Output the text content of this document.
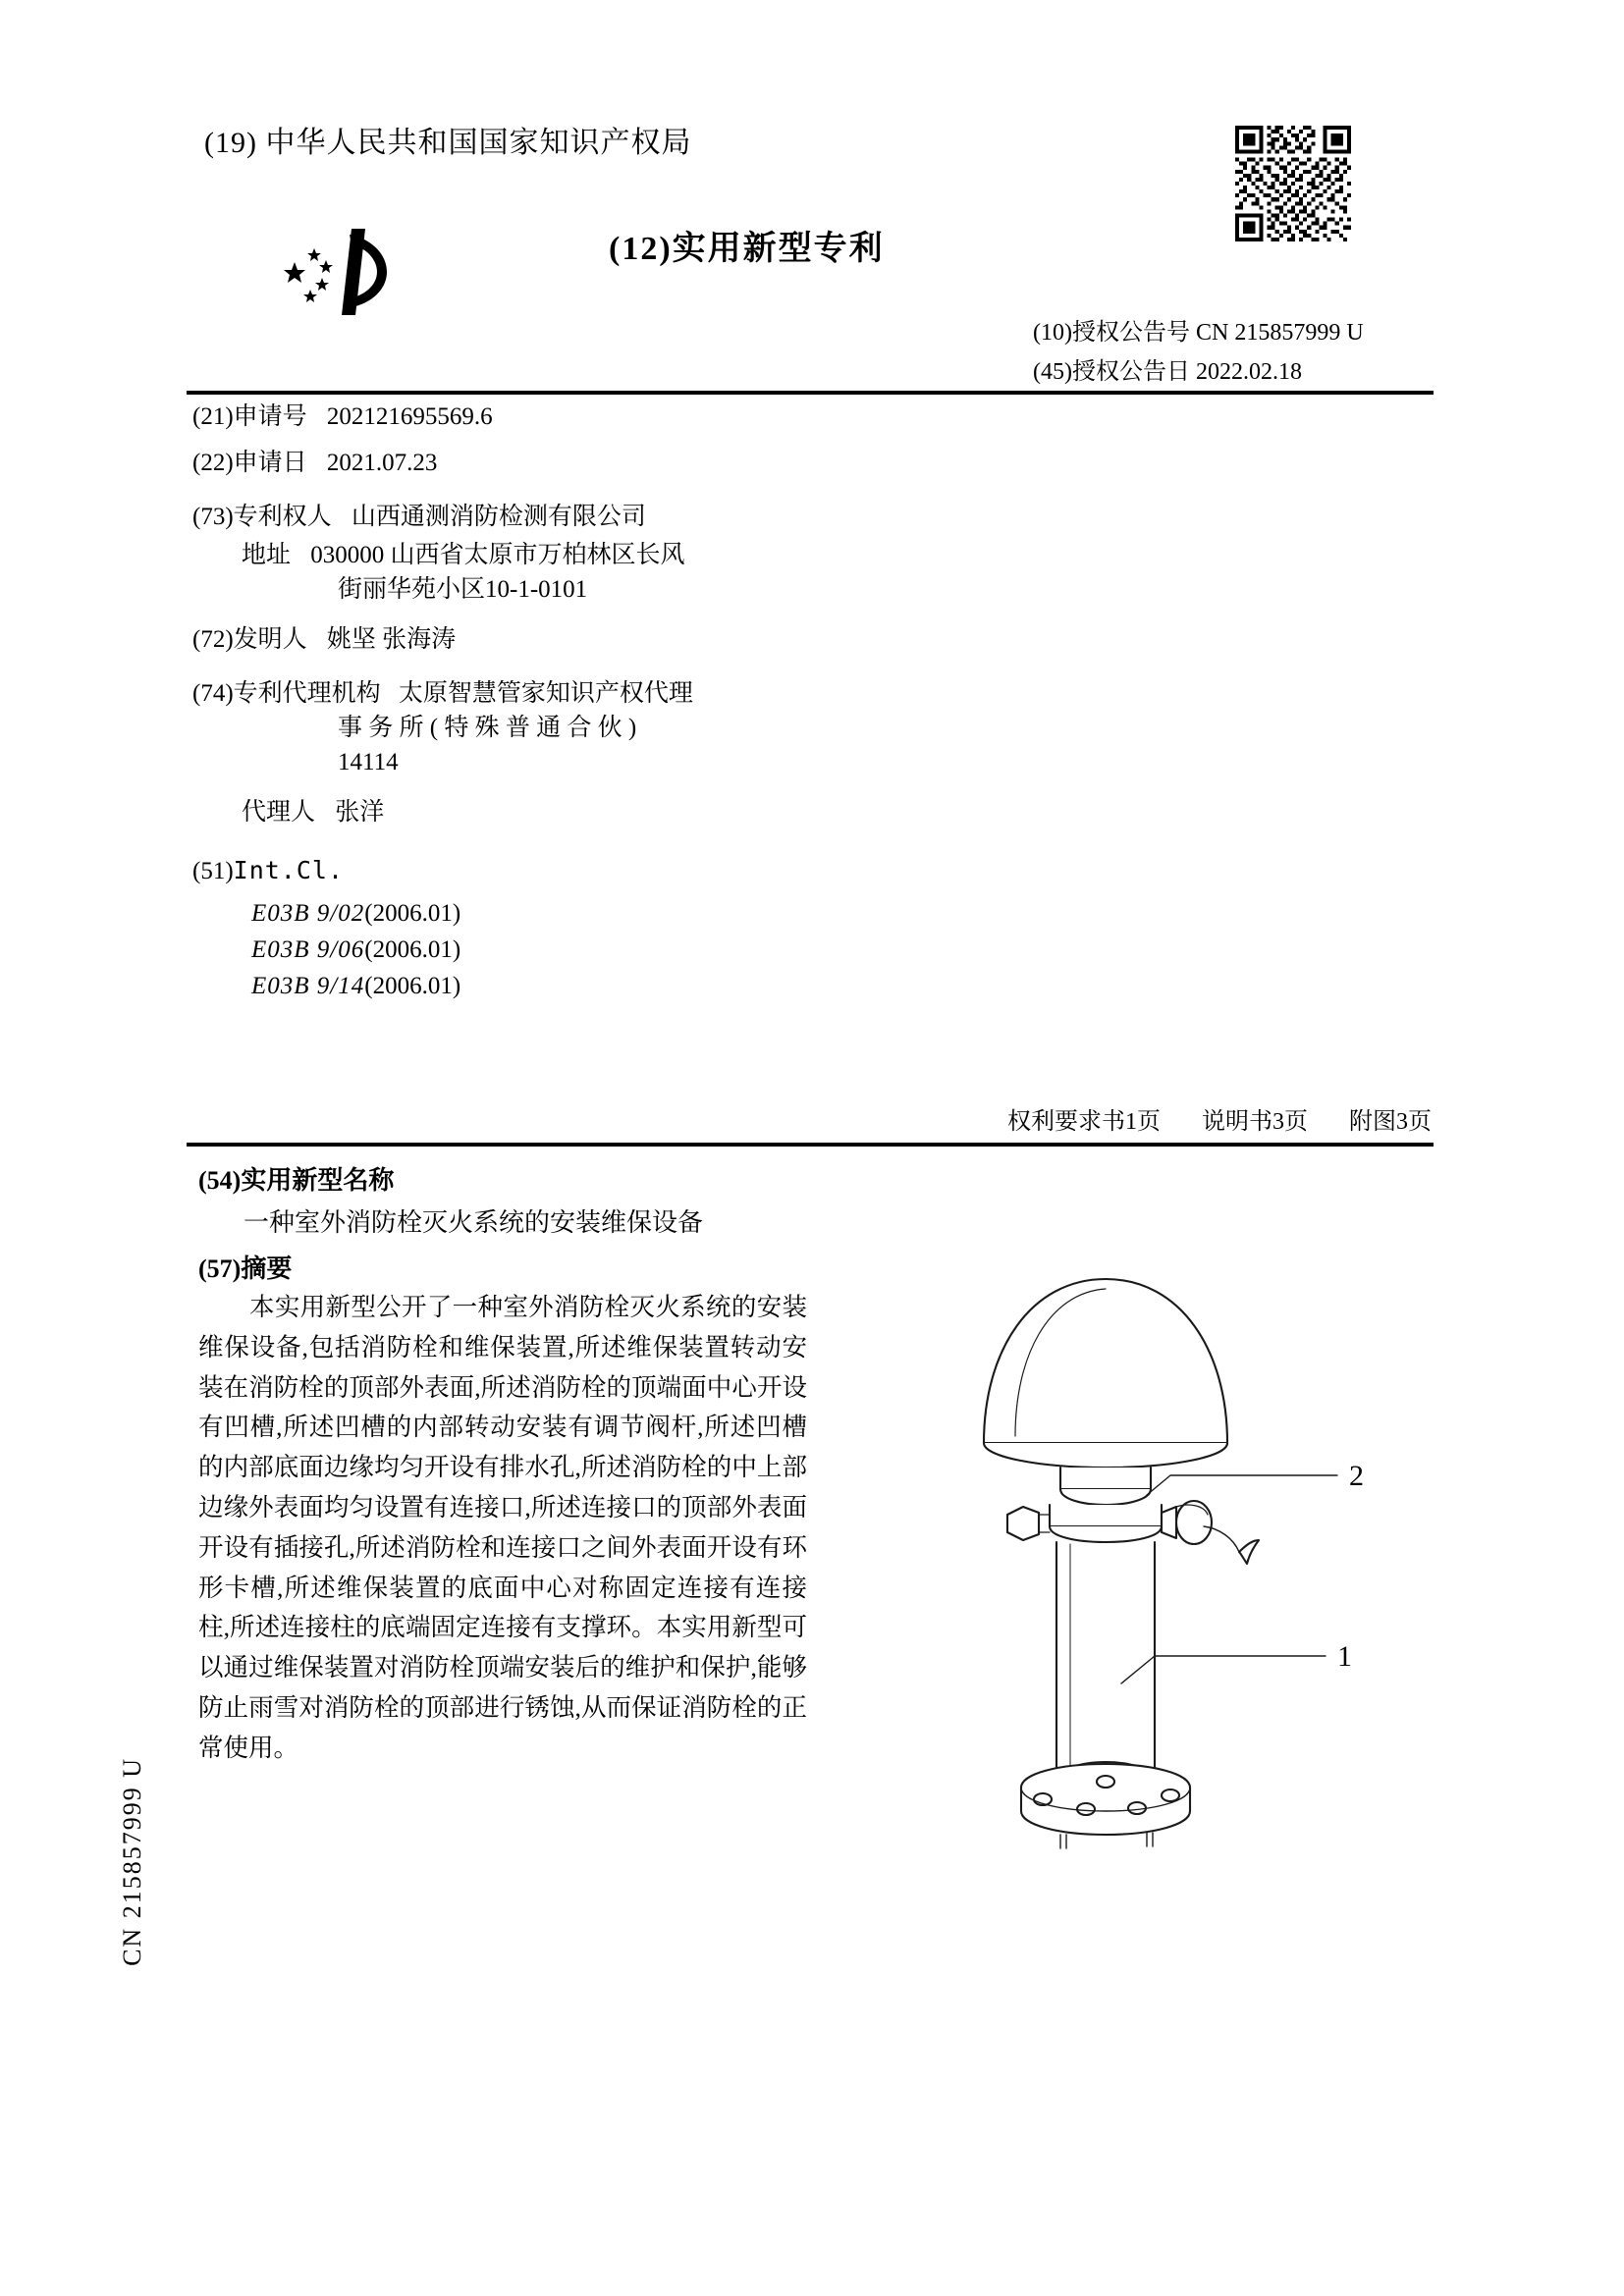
(19) 中华人民共和国国家知识产权局
(12)实用新型专利
(10)授权公告号 CN 215857999 U
(45)授权公告日 2022.02.18
(21)申请号 202121695569.6
(22)申请日 2021.07.23
(73)专利权人 山西通测消防检测有限公司
地址 030000 山西省太原市万柏林区长风
街丽华苑小区10-1-0101
(72)发明人 姚坚 张海涛
(74)专利代理机构 太原智慧管家知识产权代理
事 务 所 ( 特 殊 普 通 合 伙 )
14114
代理人 张洋
(51)Int.Cl.
E03B 9/02(2006.01)
E03B 9/06(2006.01)
E03B 9/14(2006.01)
权利要求书1页 说明书3页 附图3页
(54)实用新型名称
一种室外消防栓灭火系统的安装维保设备
(57)摘要
本实用新型公开了一种室外消防栓灭火系统的安装维保设备,包括消防栓和维保装置,所述维保装置转动安装在消防栓的顶部外表面,所述消防栓的顶端面中心开设有凹槽,所述凹槽的内部转动安装有调节阀杆,所述凹槽的内部底面边缘均匀开设有排水孔,所述消防栓的中上部边缘外表面均匀设置有连接口,所述连接口的顶部外表面开设有插接孔,所述消防栓和连接口之间外表面开设有环形卡槽,所述维保装置的底面中心对称固定连接有连接柱,所述连接柱的底端固定连接有支撑环。本实用新型可以通过维保装置对消防栓顶端安装后的维护和保护,能够防止雨雪对消防栓的顶部进行锈蚀,从而保证消防栓的正常使用。
2
1
CN 215857999 U
